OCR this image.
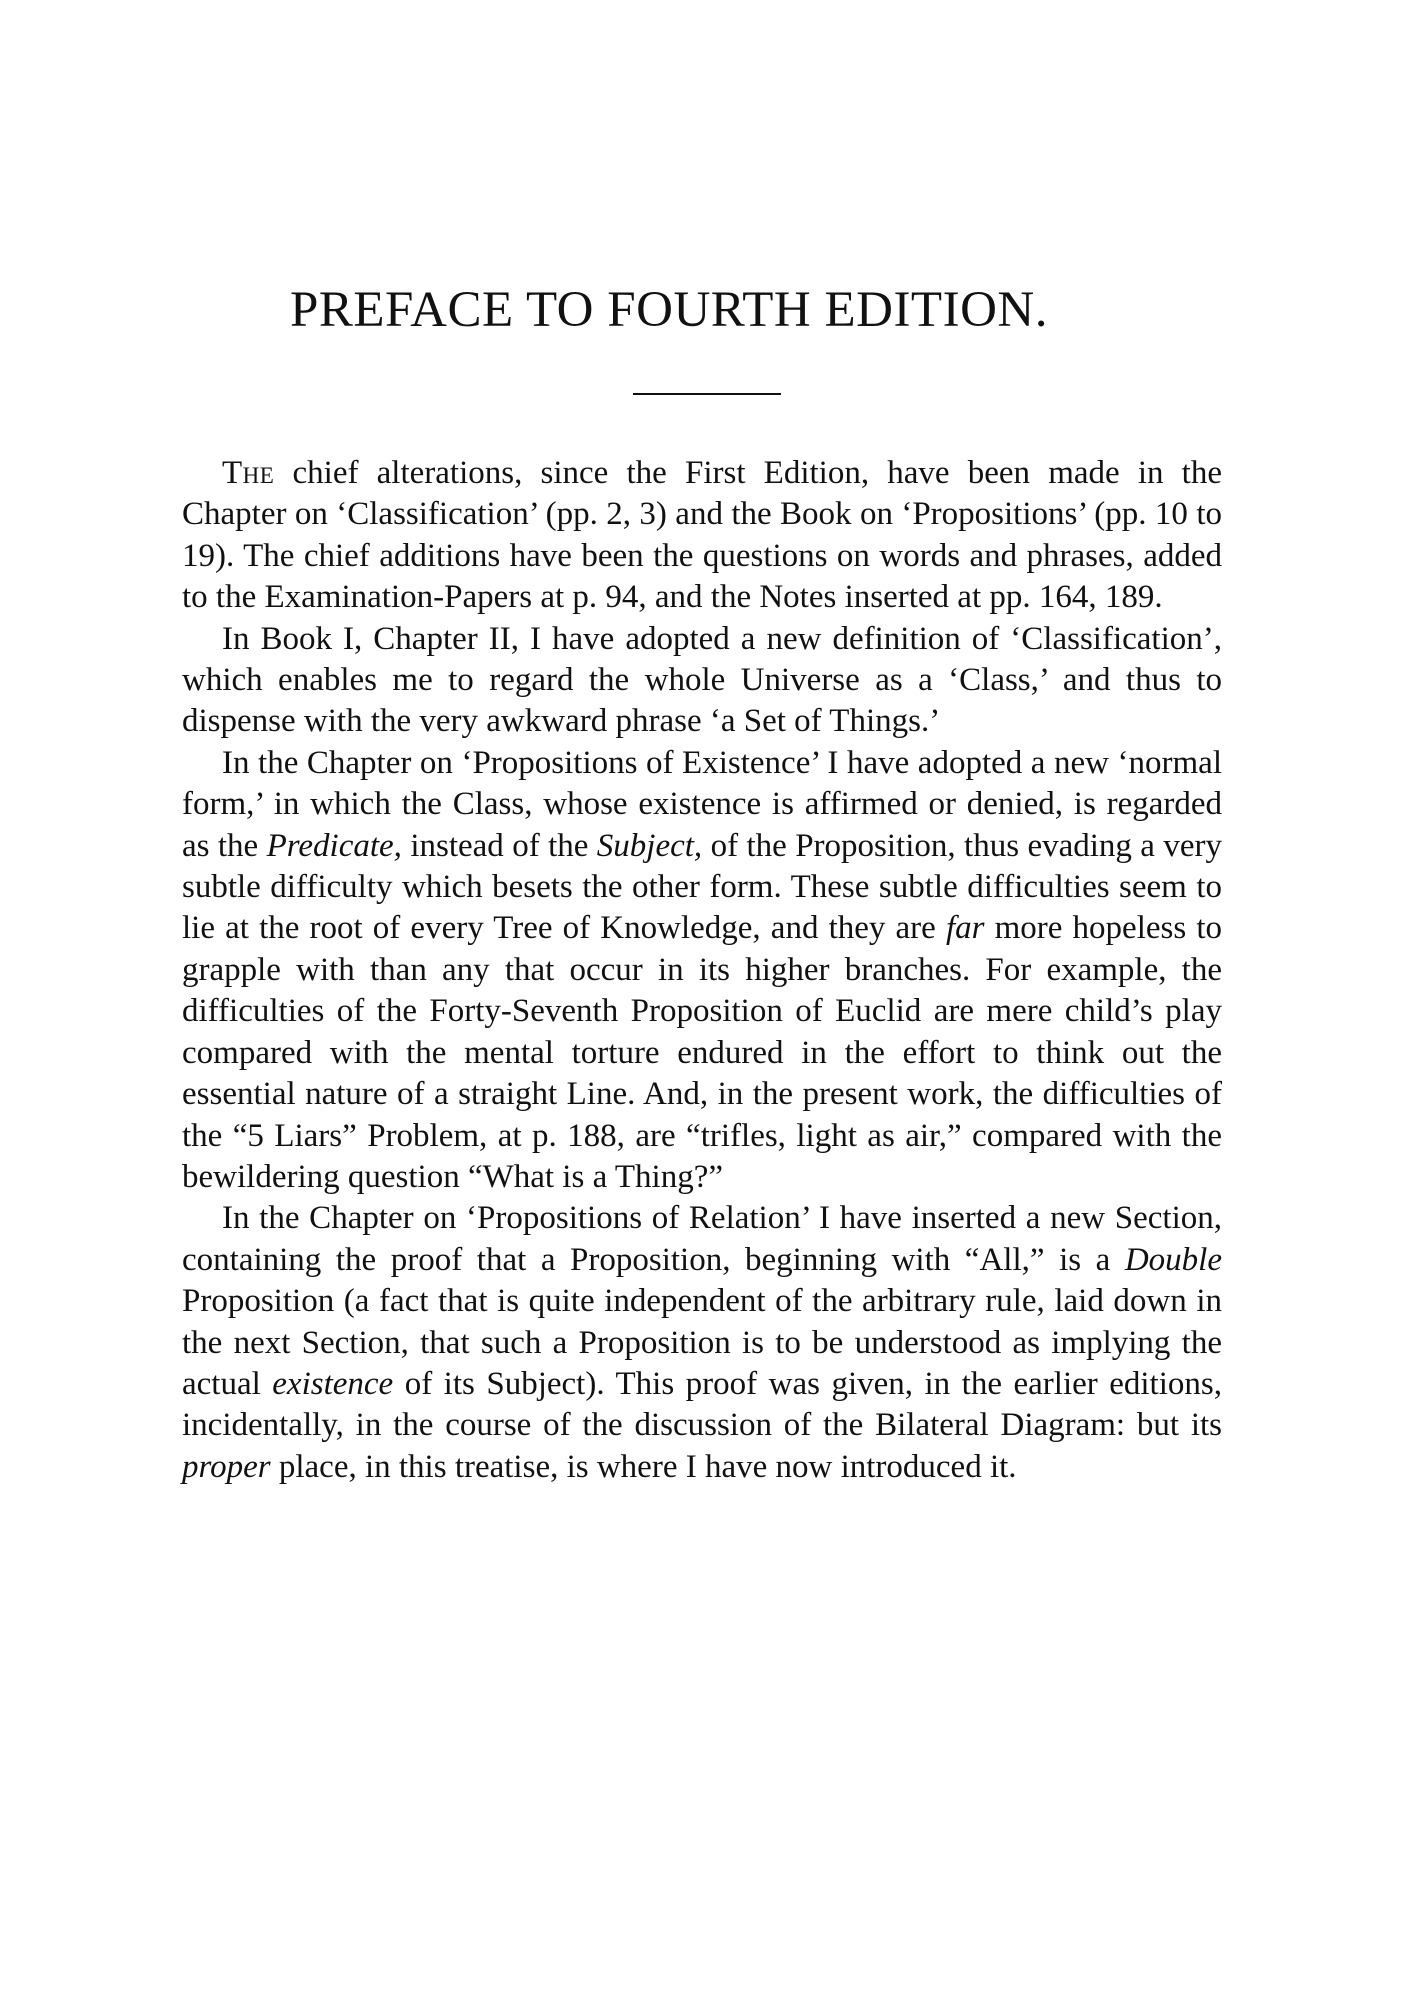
PREFACE TO FOURTH EDITION.

The chief alterations, since the First Edition, have been made in the Chapter on ‘Classification’ (pp. 2, 3) and the Book on ‘Propositions’ (pp. 10 to 19). The chief additions have been the questions on words and phrases, added to the Examination-Papers at p. 94, and the Notes inserted at pp. 164, 189.

In Book I, Chapter II, I have adopted a new definition of ‘Classification’, which enables me to regard the whole Universe as a ‘Class,’ and thus to dispense with the very awkward phrase ‘a Set of Things.’

In the Chapter on ‘Propositions of Existence’ I have adopted a new ‘normal form,’ in which the Class, whose existence is affirmed or denied, is regarded as the Predicate, instead of the Subject, of the Proposition, thus evading a very subtle difficulty which besets the other form. These subtle difficulties seem to lie at the root of every Tree of Knowledge, and they are far more hopeless to grapple with than any that occur in its higher branches. For example, the difficulties of the Forty-Seventh Proposition of Euclid are mere child’s play compared with the mental torture endured in the effort to think out the essential nature of a straight Line. And, in the present work, the difficulties of the “5 Liars” Problem, at p. 188, are “trifles, light as air,” compared with the bewildering question “What is a Thing?”

In the Chapter on ‘Propositions of Relation’ I have inserted a new Section, containing the proof that a Proposition, beginning with “All,” is a Double Proposition (a fact that is quite independent of the arbitrary rule, laid down in the next Section, that such a Proposition is to be understood as implying the actual existence of its Subject). This proof was given, in the earlier editions, incidentally, in the course of the discussion of the Bilateral Diagram: but its proper place, in this treatise, is where I have now introduced it.
